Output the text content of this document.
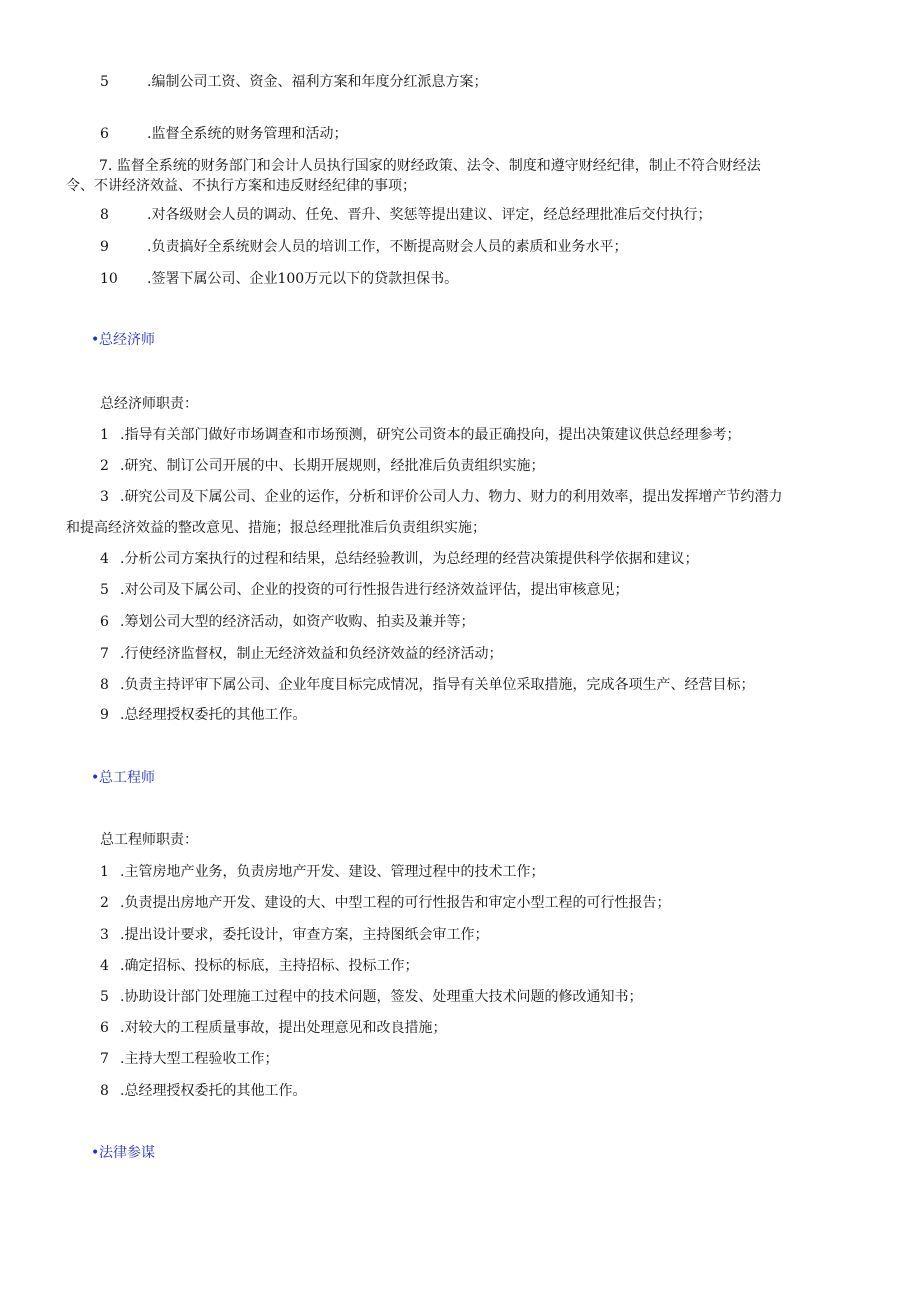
5	.编制公司工资、资金、福利方案和年度分红派息方案；
6	.监督全系统的财务管理和活动；
7. 监督全系统的财务部门和会计人员执行国家的财经政策、法令、制度和遵守财经纪律，制止不符合财经法
令、不讲经济效益、不执行方案和违反财经纪律的事项；
8	.对各级财会人员的调动、任免、晋升、奖惩等提出建议、评定，经总经理批准后交付执行；
9	.负责搞好全系统财会人员的培训工作，不断提高财会人员的素质和业务水平；
10 .签署下属公司、企业100万元以下的贷款担保书。
•总经济师
总经济师职责：
1 .指导有关部门做好市场调查和市场预测，研究公司资本的最正确投向，提出决策建议供总经理参考；
2 .研究、制订公司开展的中、长期开展规则，经批准后负责组织实施；
3 .研究公司及下属公司、企业的运作，分析和评价公司人力、物力、财力的利用效率，提出发挥增产节约潜力
和提高经济效益的整改意见、措施；报总经理批准后负责组织实施；
4 .分析公司方案执行的过程和结果，总结经验教训，为总经理的经营决策提供科学依据和建议；
5 .对公司及下属公司、企业的投资的可行性报告进行经济效益评估，提出审核意见；
6 .筹划公司大型的经济活动，如资产收购、拍卖及兼并等；
7 .行使经济监督权，制止无经济效益和负经济效益的经济活动；
8 .负责主持评审下属公司、企业年度目标完成情况，指导有关单位采取措施，完成各项生产、经营目标；
9 .总经理授权委托的其他工作。
•总工程师
总工程师职责：
1 .主管房地产业务，负责房地产开发、建设、管理过程中的技术工作；
2 .负责提出房地产开发、建设的大、中型工程的可行性报告和审定小型工程的可行性报告；
3 .提出设计要求，委托设计，审查方案，主持图纸会审工作；
4 .确定招标、投标的标底，主持招标、投标工作；
5 .协助设计部门处理施工过程中的技术问题，签发、处理重大技术问题的修改通知书；
6 .对较大的工程质量事故，提出处理意见和改良措施；
7 .主持大型工程验收工作；
8 .总经理授权委托的其他工作。
•法律参谋
